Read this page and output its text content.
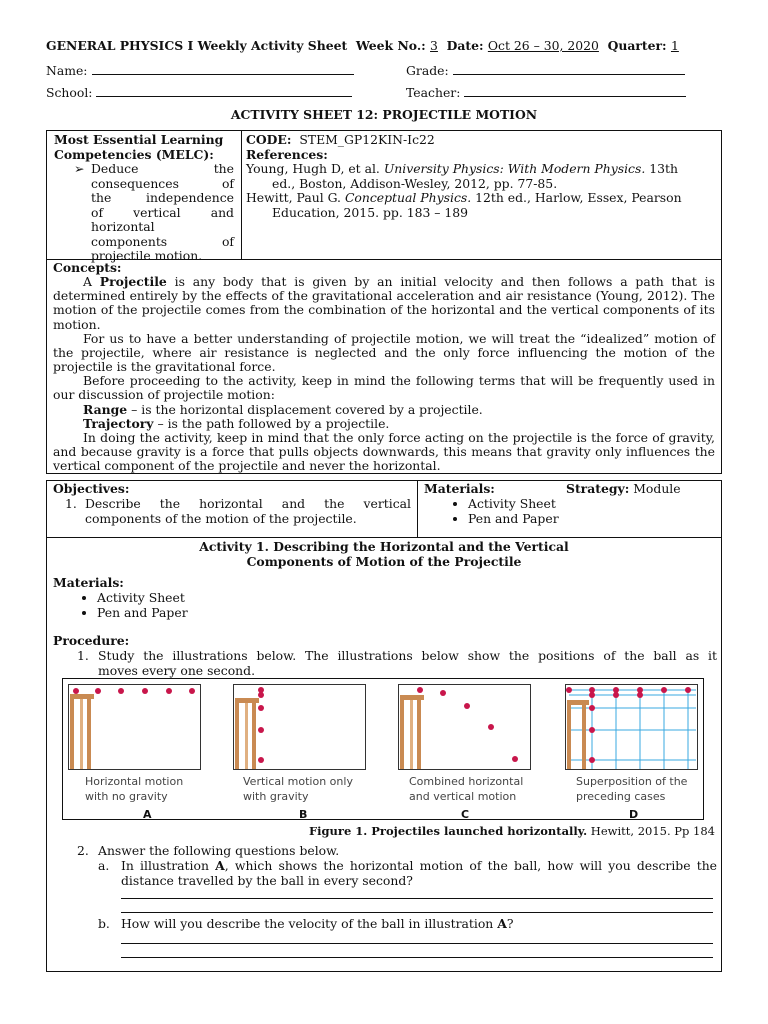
GENERAL PHYSICS I Weekly Activity Sheet Week No.: 3 Date: Oct 26 – 30, 2020 Quarter: 1
Name:	Grade:
School:	Teacher:
ACTIVITY SHEET 12: PROJECTILE MOTION
Most Essential Learning
Competencies (MELC):
➢ Deduce the
consequences of
the independence
of vertical and
horizontal
components of
projectile motion.
CODE: STEM_GP12KIN-Ic22
References:
Young, Hugh D, et al. University Physics: With Modern Physics. 13th
ed., Boston, Addison-Wesley, 2012, pp. 77-85.
Hewitt, Paul G. Conceptual Physics. 12th ed., Harlow, Essex, Pearson
Education, 2015. pp. 183 – 189
Concepts:

A Projectile is any body that is given by an initial velocity and then follows a path that is determined entirely by the effects of the gravitational acceleration and air resistance (Young, 2012). The motion of the projectile comes from the combination of the horizontal and the vertical components of its motion.

For us to have a better understanding of projectile motion, we will treat the “idealized” motion of the projectile, where air resistance is neglected and the only force influencing the motion of the projectile is the gravitational force.

Before proceeding to the activity, keep in mind the following terms that will be frequently used in our discussion of projectile motion:

Range – is the horizontal displacement covered by a projectile.

Trajectory – is the path followed by a projectile.

In doing the activity, keep in mind that the only force acting on the projectile is the force of gravity, and because gravity is a force that pulls objects downwards, this means that gravity only influences the vertical component of the projectile and never the horizontal.

Objectives:
1. Describe the horizontal and the vertical
components of the motion of the projectile.
Materials:	Strategy: Module
• Activity Sheet
• Pen and Paper
Activity 1. Describing the Horizontal and the Vertical
Components of Motion of the Projectile
Materials:
• Activity Sheet
• Pen and Paper
Procedure:
1. Study the illustrations below. The illustrations below show the positions of the ball as it
moves every one second.
Figure 1. Projectiles launched horizontally. Hewitt, 2015. Pp 184
2. Answer the following questions below.
a. In illustration A, which shows the horizontal motion of the ball, how will you describe the
distance travelled by the ball in every second?
b. How will you describe the velocity of the ball in illustration A?
Horizontal motion
with no gravity
Vertical motion only
with gravity
Combined horizontal
and vertical motion
Superposition of the
preceding cases
A	B	C	D
